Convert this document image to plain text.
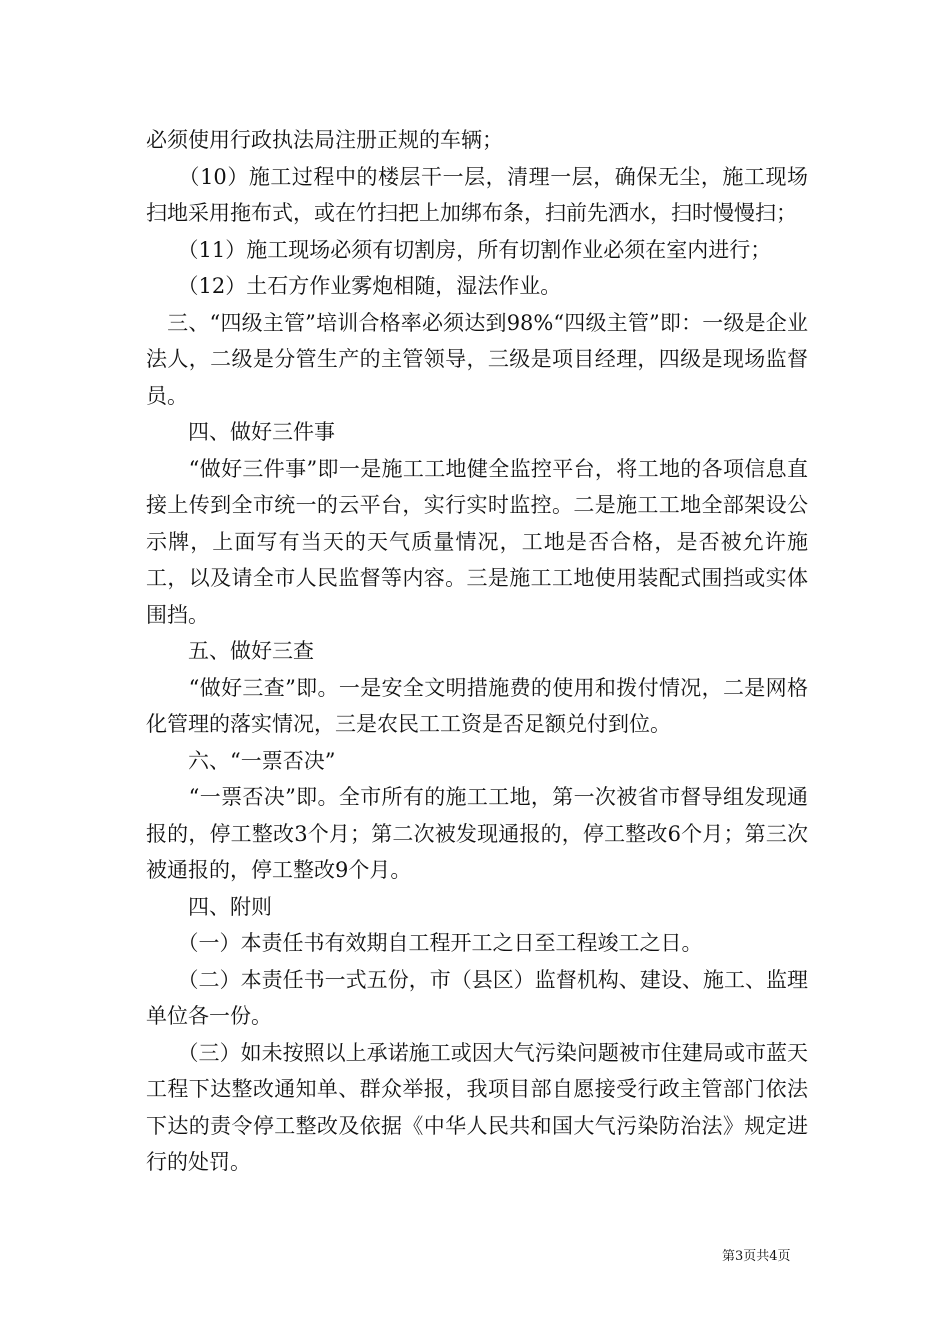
必须使用行政执法局注册正规的车辆；

　　（10）施工过程中的楼层干一层，清理一层，确保无尘，施工现场扫地采用拖布式，或在竹扫把上加绑布条，扫前先洒水，扫时慢慢扫；

　　（11）施工现场必须有切割房，所有切割作业必须在室内进行；

　　（12）土石方作业雾炮相随，湿法作业。

　三、“四级主管”培训合格率必须达到98%“四级主管”即：一级是企业法人，二级是分管生产的主管领导，三级是项目经理，四级是现场监督员。

　　四、做好三件事

　　“做好三件事”即一是施工工地健全监控平台，将工地的各项信息直接上传到全市统一的云平台，实行实时监控。二是施工工地全部架设公示牌，上面写有当天的天气质量情况，工地是否合格，是否被允许施工，以及请全市人民监督等内容。三是施工工地使用装配式围挡或实体围挡。

　　五、做好三查

　　“做好三查”即。一是安全文明措施费的使用和拨付情况，二是网格化管理的落实情况，三是农民工工资是否足额兑付到位。

　　六、“一票否决”

　　“一票否决”即。全市所有的施工工地，第一次被省市督导组发现通报的，停工整改3个月；第二次被发现通报的，停工整改6个月；第三次被通报的，停工整改9个月。

　　四、附则

　　（一）本责任书有效期自工程开工之日至工程竣工之日。

　　（二）本责任书一式五份，市（县区）监督机构、建设、施工、监理单位各一份。

　　（三）如未按照以上承诺施工或因大气污染问题被市住建局或市蓝天工程下达整改通知单、群众举报，我项目部自愿接受行政主管部门依法下达的责令停工整改及依据《中华人民共和国大气污染防治法》规定进行的处罚。

第3页共4页
